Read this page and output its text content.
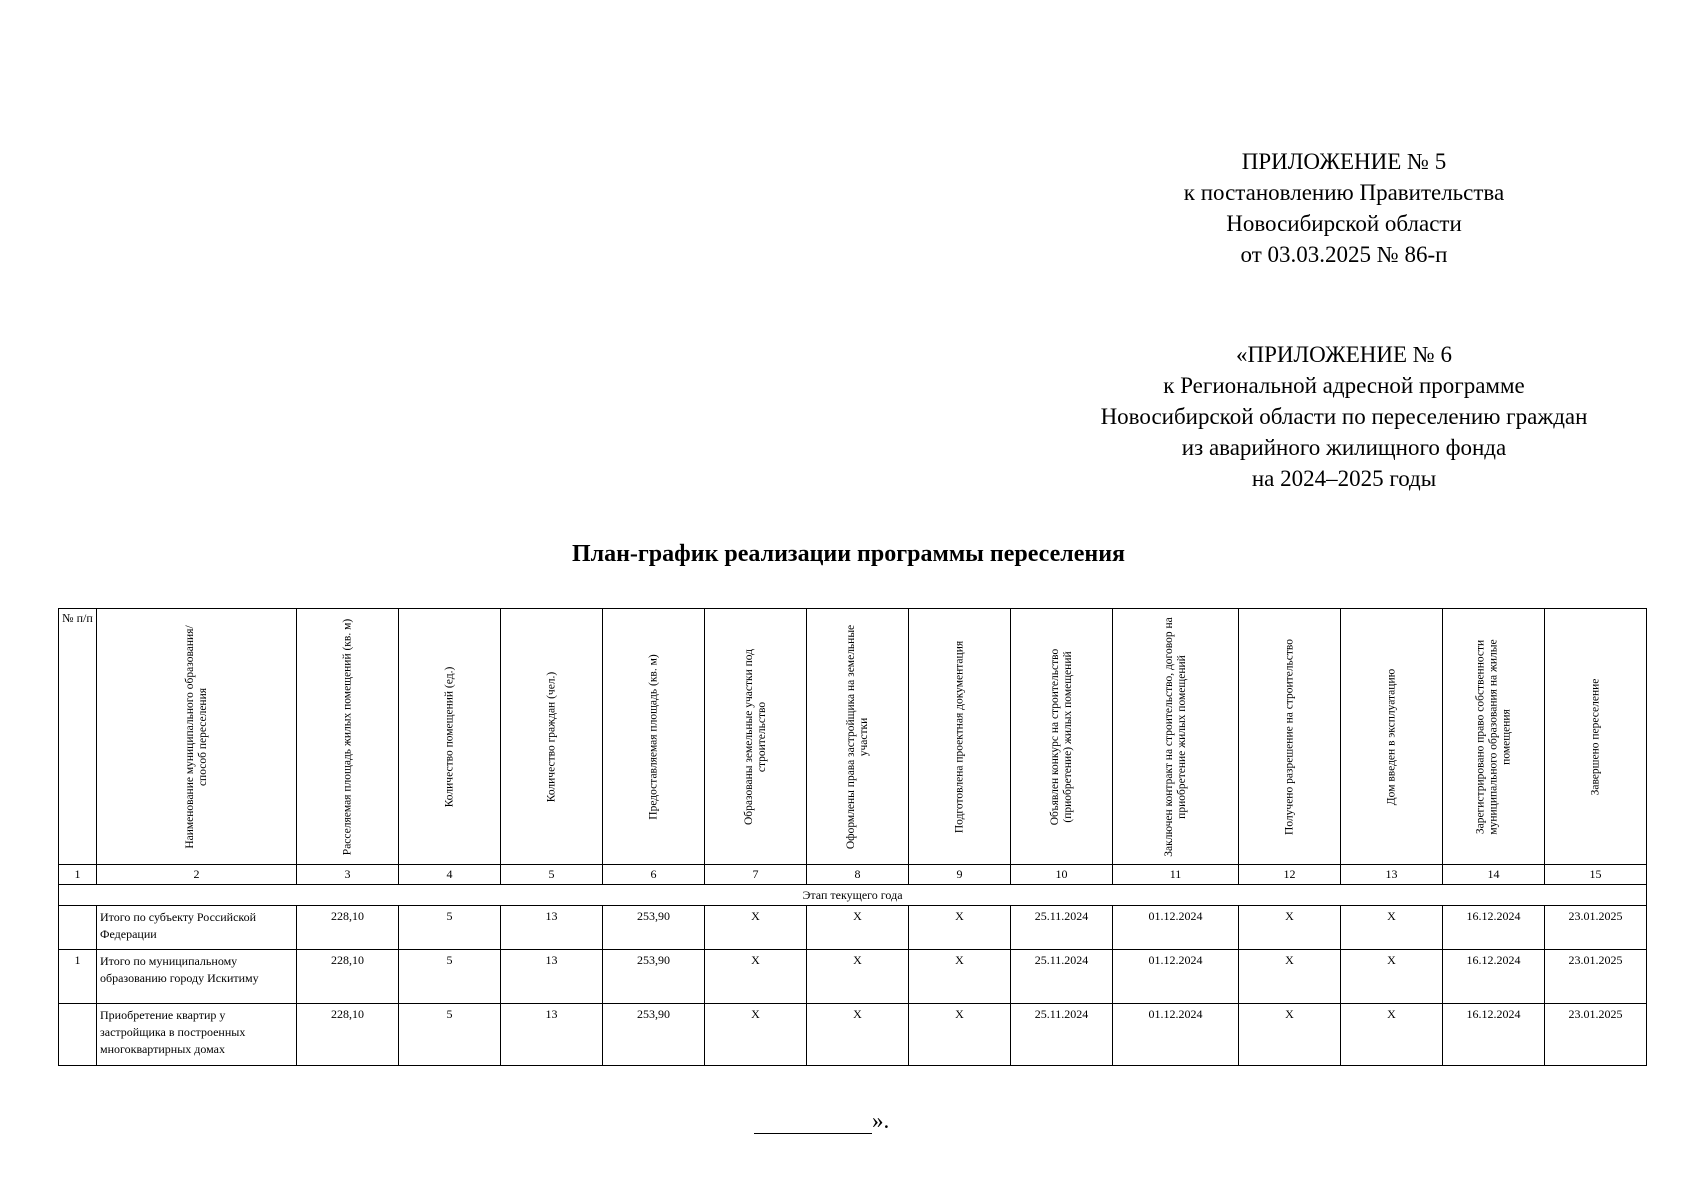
ПРИЛОЖЕНИЕ № 5
к постановлению Правительства
Новосибирской области
от 03.03.2025 № 86-п
«ПРИЛОЖЕНИЕ № 6
к Региональной адресной программе
Новосибирской области по переселению граждан
из аварийного жилищного фонда
на 2024–2025 годы
План-график реализации программы переселения
№ п/п	Наименование муниципального образования/ способ переселения	Расселяемая площадь жилых помещений (кв. м)	Количество помещений (ед.)	Количество граждан (чел.)	Предоставляемая площадь (кв. м)	Образованы земельные участки под строительство	Оформлены права застройщика на земельные участки	Подготовлена проектная документация	Объявлен конкурс на строительство (приобретение) жилых помещений	Заключен контракт на строительство, договор на приобретение жилых помещений	Получено разрешение на строительство	Дом введен в эксплуатацию	Зарегистрировано право собственности муниципального образования на жилые помещения	Завершено переселение

1	2	3	4	5	6	7	8	9	10	11	12	13	14	15
Этап текущего года														
	Итого по субъекту Российской Федерации	228,10	5	13	253,90	Х	Х	Х	25.11.2024	01.12.2024	Х	Х	16.12.2024	23.01.2025
1	Итого по муниципальному образованию городу Искитиму	228,10	5	13	253,90	Х	Х	Х	25.11.2024	01.12.2024	Х	Х	16.12.2024	23.01.2025
	Приобретение квартир у застройщика в построенных многоквартирных домах	228,10	5	13	253,90	Х	Х	Х	25.11.2024	01.12.2024	Х	Х	16.12.2024	23.01.2025
».
